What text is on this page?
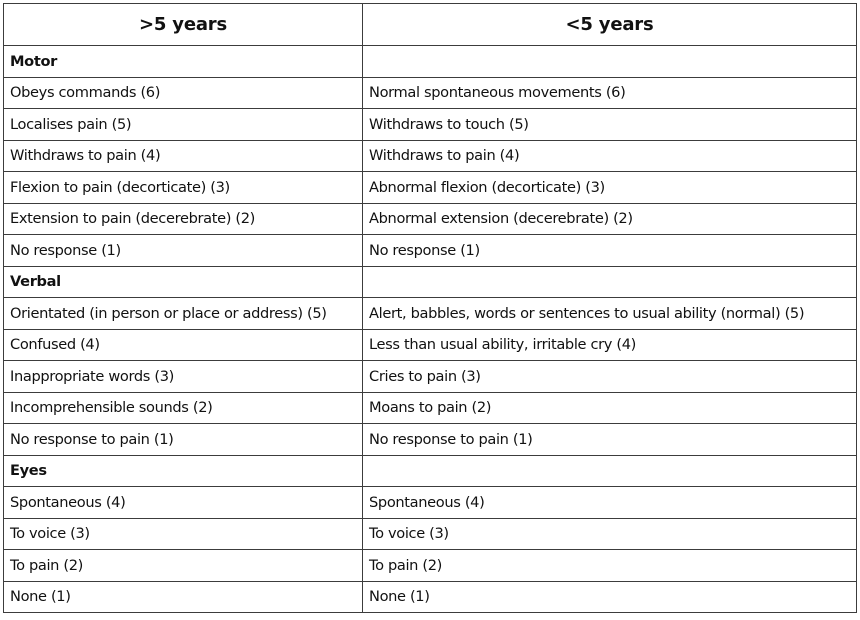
>5 years	<5 years
Motor	
Obeys commands (6)	Normal spontaneous movements (6)
Localises pain (5)	Withdraws to touch (5)
Withdraws to pain (4)	Withdraws to pain (4)
Flexion to pain (decorticate) (3)	Abnormal flexion (decorticate) (3)
Extension to pain (decerebrate) (2)	Abnormal extension (decerebrate) (2)
No response (1)	No response (1)
Verbal	
Orientated (in person or place or address) (5)	Alert, babbles, words or sentences to usual ability (normal) (5)
Confused (4)	Less than usual ability, irritable cry (4)
Inappropriate words (3)	Cries to pain (3)
Incomprehensible sounds (2)	Moans to pain (2)
No response to pain (1)	No response to pain (1)
Eyes	
Spontaneous (4)	Spontaneous (4)
To voice (3)	To voice (3)
To pain (2)	To pain (2)
None (1)	None (1)
